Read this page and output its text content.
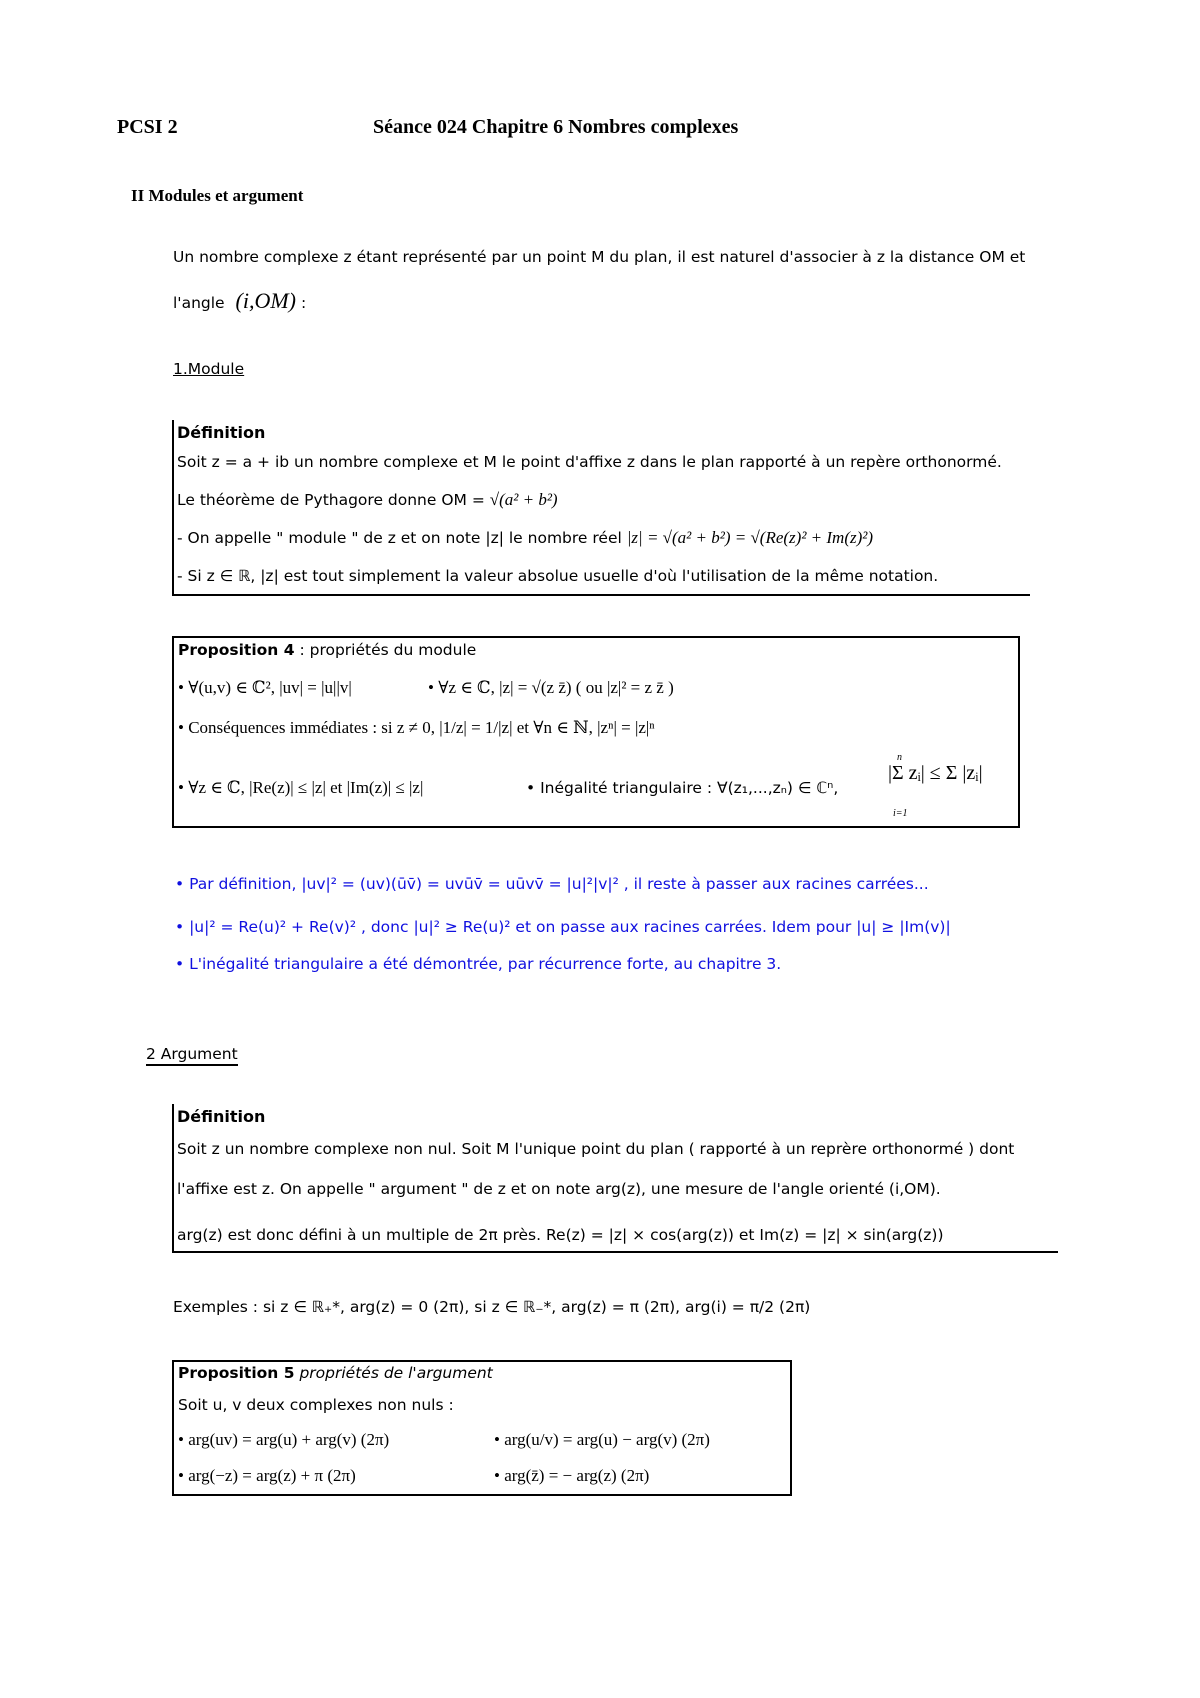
PCSI 2	Séance 024 Chapitre 6 Nombres complexes
II Modules et argument
Un nombre complexe z étant représenté par un point M du plan, il est naturel d'associer à z la distance OM et
l'angle (i,OM) :
1.Module
Définition
Soit z = a + ib un nombre complexe et M le point d'affixe z dans le plan rapporté à un repère orthonormé.
Le théorème de Pythagore donne OM = √(a² + b²)
- On appelle " module " de z et on note |z| le nombre réel |z| = √(a² + b²) = √(Re(z)² + Im(z)²)
- Si z ∈ ℝ, |z| est tout simplement la valeur absolue usuelle d'où l'utilisation de la même notation.
Proposition 4 : propriétés du module
• ∀(u,v) ∈ ℂ², |uv| = |u||v|	• ∀z ∈ ℂ, |z| = √(z z̄) ( ou |z|² = z z̄ )
• Conséquences immédiates : si z ≠ 0, |1/z| = 1/|z| et ∀n ∈ ℕ, |zⁿ| = |z|ⁿ
• ∀z ∈ ℂ, |Re(z)| ≤ |z| et |Im(z)| ≤ |z|	• Inégalité triangulaire : ∀(z₁,...,zₙ) ∈ ℂⁿ,
|Σ zᵢ| ≤ Σ |zᵢ|
n
i=1
• Par définition, |uv|² = (uv)(ūv̄) = uvūv̄ = uūvv̄ = |u|²|v|² , il reste à passer aux racines carrées...
• |u|² = Re(u)² + Re(v)² , donc |u|² ≥ Re(u)² et on passe aux racines carrées. Idem pour |u| ≥ |Im(v)|
• L'inégalité triangulaire a été démontrée, par récurrence forte, au chapitre 3.
2 Argument
Définition
Soit z un nombre complexe non nul. Soit M l'unique point du plan ( rapporté à un reprère orthonormé ) dont
l'affixe est z. On appelle " argument " de z et on note arg(z), une mesure de l'angle orienté (i,OM).
arg(z) est donc défini à un multiple de 2π près. Re(z) = |z| × cos(arg(z)) et Im(z) = |z| × sin(arg(z))
Exemples : si z ∈ ℝ₊*, arg(z) = 0 (2π), si z ∈ ℝ₋*, arg(z) = π (2π), arg(i) = π/2 (2π)
Proposition 5 propriétés de l'argument
Soit u, v deux complexes non nuls :
• arg(uv) = arg(u) + arg(v) (2π)	• arg(u/v) = arg(u) − arg(v) (2π)
• arg(−z) = arg(z) + π (2π)	• arg(z̄) = − arg(z) (2π)
